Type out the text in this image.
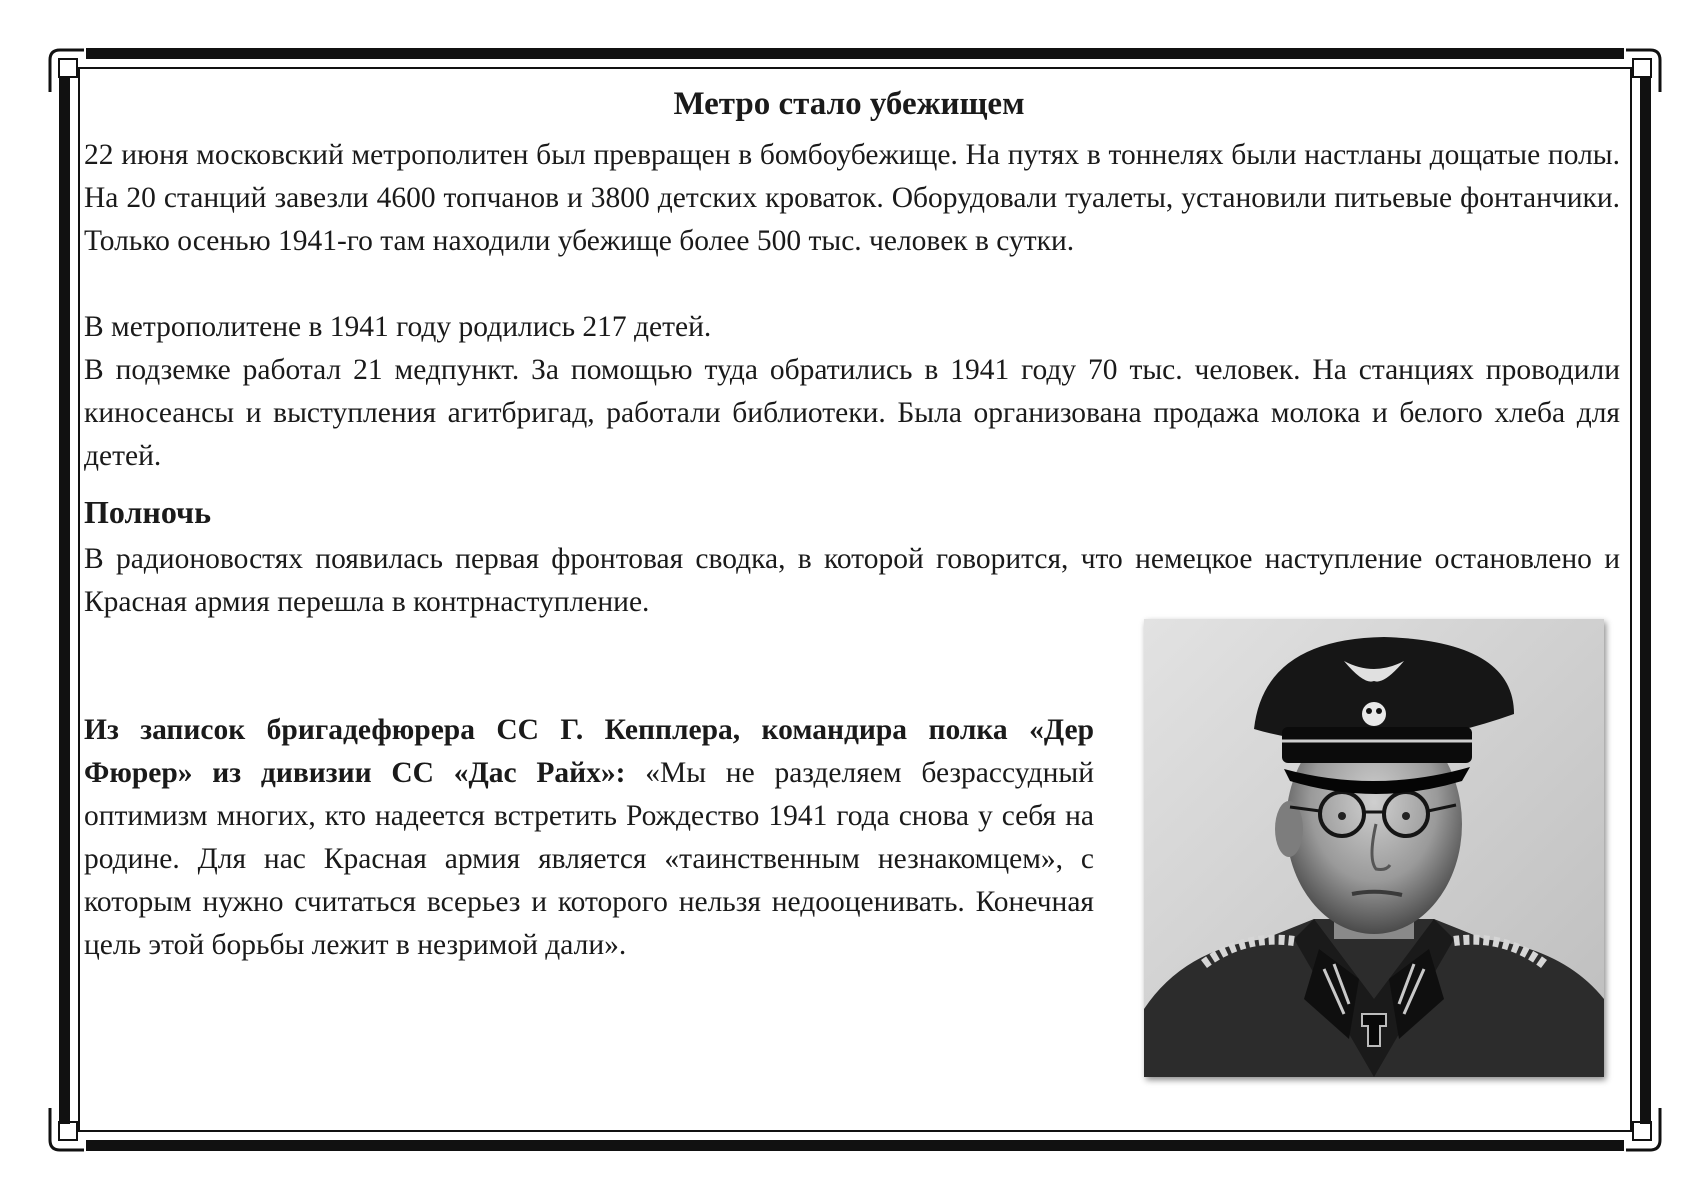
Метро стало убежищем

22 июня московский метрополитен был превращен в бомбоубежище. На путях в тоннелях были настланы дощатые полы. На 20 станций завезли 4600 топчанов и 3800 детских кроваток. Оборудовали туалеты, установили питьевые фонтанчики. Только осенью 1941-го там находили убежище более 500 тыс. человек в сутки.

В метрополитене в 1941 году родились 217 детей.

В подземке работал 21 медпункт. За помощью туда обратились в 1941 году 70 тыс. человек. На станциях проводили киносеансы и выступления агитбригад, работали библиотеки. Была организована продажа молока и белого хлеба для детей.

Полночь

В радионовостях появилась первая фронтовая сводка, в которой говорится, что немецкое наступление остановлено и Красная армия перешла в контрнаступление.

Из записок бригадефюрера СС Г. Кепплера, командира полка «Дер Фюрер» из дивизии СС «Дас Райх»: «Мы не разделяем безрассудный оптимизм многих, кто надеется встретить Рождество 1941 года снова у себя на родине. Для нас Красная армия является «таинственным незнакомцем», с которым нужно считаться всерьез и которого нельзя недооценивать. Конечная цель этой борьбы лежит в незримой дали».
